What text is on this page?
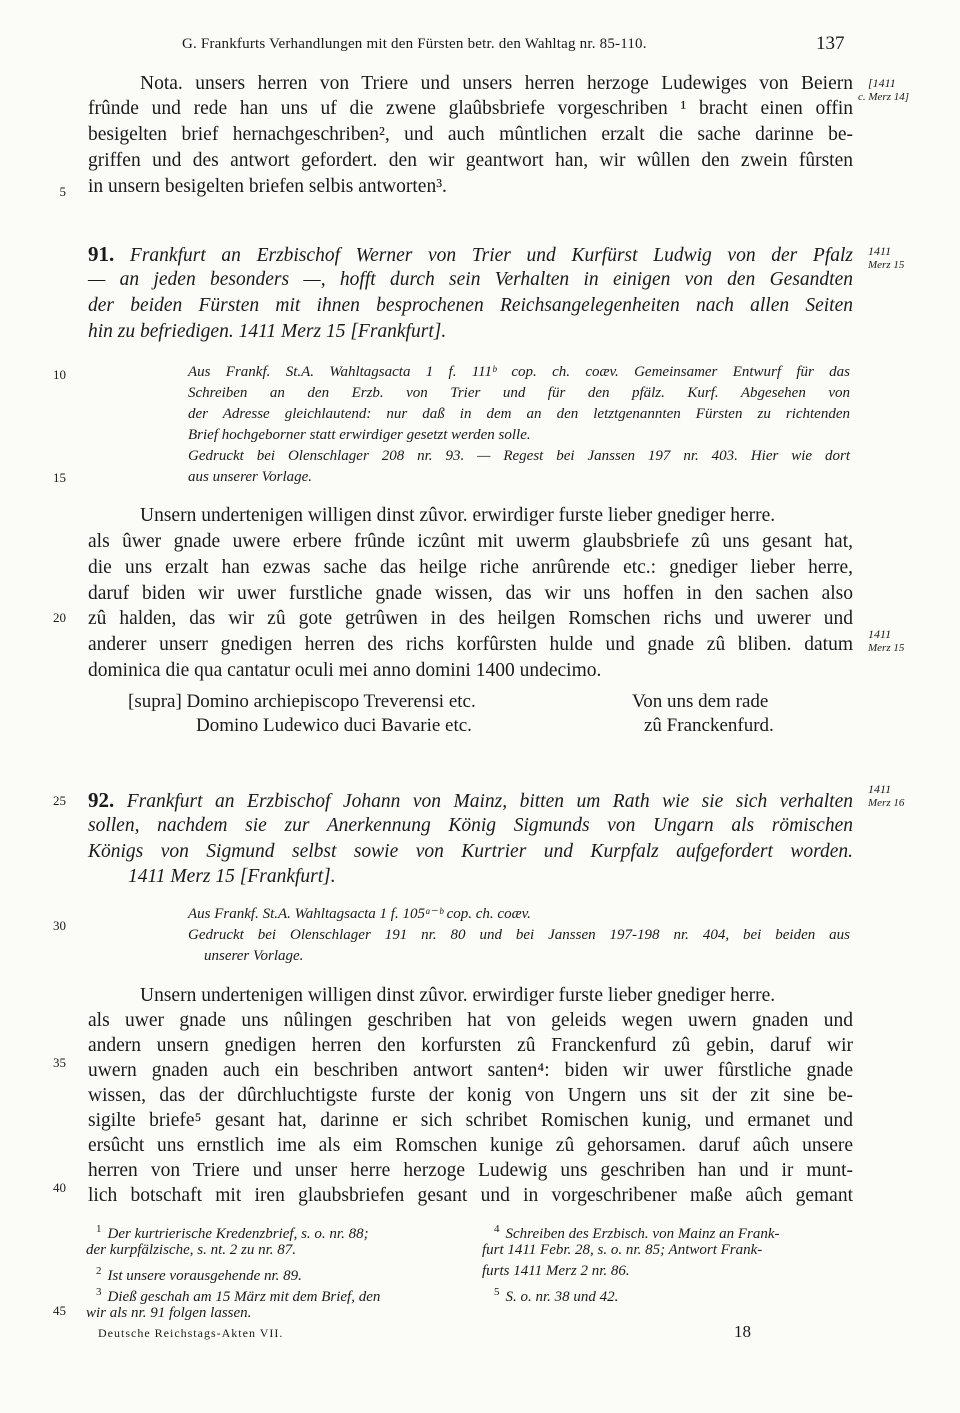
G. Frankfurts Verhandlungen mit den Fürsten betr. den Wahltag nr. 85-110.	137
[1411
c. Merz 14]
1411
Merz 15
1411
Merz 15
1411
Merz 16
5
10
15
20
25
30
35
40
45
Nota. unsers herren von Triere und unsers herren herzoge Ludewiges von Beiern
frûnde und rede han uns uf die zwene glaûbsbriefe vorgeschriben ¹ bracht einen offin
besigelten brief hernachgeschriben², und auch mûntlichen erzalt die sache darinne be-
griffen und des antwort gefordert. den wir geantwort han, wir wûllen den zwein fûrsten
in unsern besigelten briefen selbis antworten³.
91. Frankfurt an Erzbischof Werner von Trier und Kurfürst Ludwig von der Pfalz
— an jeden besonders —, hofft durch sein Verhalten in einigen von den Gesandten
der beiden Fürsten mit ihnen besprochenen Reichsangelegenheiten nach allen Seiten
hin zu befriedigen. 1411 Merz 15 [Frankfurt].
Aus Frankf. St.A. Wahltagsacta 1 f. 111ᵇ cop. ch. coæv. Gemeinsamer Entwurf für das
Schreiben an den Erzb. von Trier und für den pfälz. Kurf. Abgesehen von
der Adresse gleichlautend: nur daß in dem an den letztgenannten Fürsten zu richtenden
Brief hochgeborner statt erwirdiger gesetzt werden solle.
Gedruckt bei Olenschlager 208 nr. 93. — Regest bei Janssen 197 nr. 403. Hier wie dort
aus unserer Vorlage.
Unsern undertenigen willigen dinst zûvor. erwirdiger furste lieber gnediger herre.
als ûwer gnade uwere erbere frûnde iczûnt mit uwerm glaubsbriefe zû uns gesant hat,
die uns erzalt han ezwas sache das heilge riche anrûrende etc.: gnediger lieber herre,
daruf biden wir uwer furstliche gnade wissen, das wir uns hoffen in den sachen also
zû halden, das wir zû gote getrûwen in des heilgen Romschen richs und uwerer und
anderer unserr gnedigen herren des richs korfûrsten hulde und gnade zû bliben. datum
dominica die qua cantatur oculi mei anno domini 1400 undecimo.
[supra] Domino archiepiscopo Treverensi etc.
Domino Ludewico duci Bavarie etc.
Von uns dem rade
zû Franckenfurd.
92. Frankfurt an Erzbischof Johann von Mainz, bitten um Rath wie sie sich verhalten
sollen, nachdem sie zur Anerkennung König Sigmunds von Ungarn als römischen
Königs von Sigmund selbst sowie von Kurtrier und Kurpfalz aufgefordert worden.
1411 Merz 15 [Frankfurt].
Aus Frankf. St.A. Wahltagsacta 1 f. 105ᵃ⁻ᵇ cop. ch. coæv.
Gedruckt bei Olenschlager 191 nr. 80 und bei Janssen 197-198 nr. 404, bei beiden aus
unserer Vorlage.
Unsern undertenigen willigen dinst zûvor. erwirdiger furste lieber gnediger herre.
als uwer gnade uns nûlingen geschriben hat von geleids wegen uwern gnaden und
andern unsern gnedigen herren den korfursten zû Franckenfurd zû gebin, daruf wir
uwern gnaden auch ein beschriben antwort santen⁴: biden wir uwer fûrstliche gnade
wissen, das der dûrchluchtigste furste der konig von Ungern uns sit der zit sine be-
sigilte briefe⁵ gesant hat, darinne er sich schribet Romischen kunig, und ermanet und
ersûcht uns ernstlich ime als eim Romschen kunige zû gehorsamen. daruf aûch unsere
herren von Triere und unser herre herzoge Ludewig uns geschriben han und ir munt-
lich botschaft mit iren glaubsbriefen gesant und in vorgeschribener maße aûch gemant
$^1$ Der kurtrierische Kredenzbrief, s. o. nr. 88;
der kurpfälzische, s. nt. 2 zu nr. 87.
$^2$ Ist unsere vorausgehende nr. 89.
$^3$ Dieß geschah am 15 März mit dem Brief, den
wir als nr. 91 folgen lassen.
$^4$ Schreiben des Erzbisch. von Mainz an Frank-
furt 1411 Febr. 28, s. o. nr. 85; Antwort Frank-
furts 1411 Merz 2 nr. 86.
$^5$ S. o. nr. 38 und 42.
Deutsche Reichstags-Akten VII.	18
